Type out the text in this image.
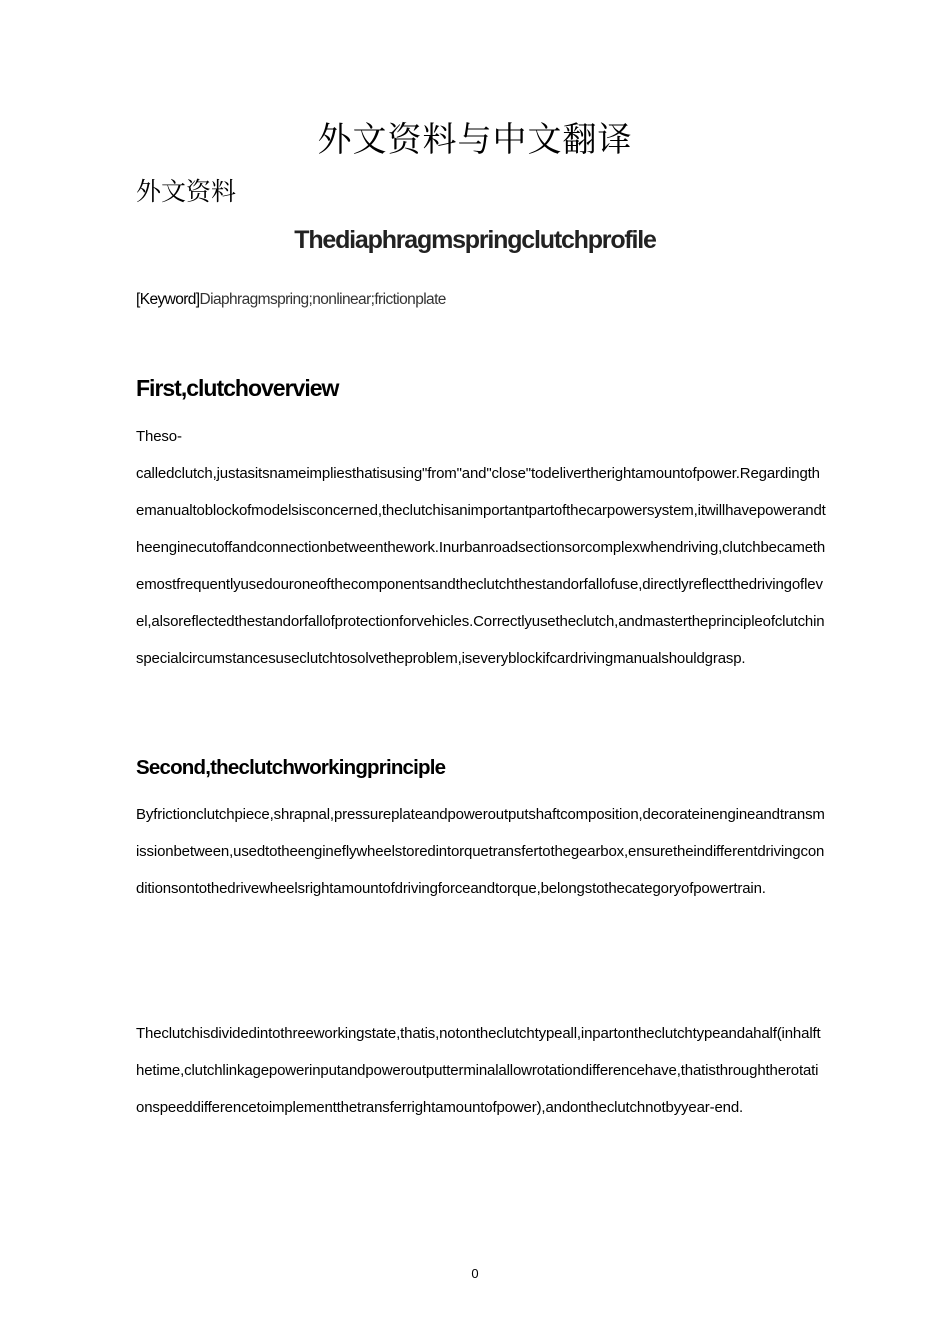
外文资料与中文翻译
外文资料
Thediaphragmspringclutchprofile
[Keyword]Diaphragmspring;nonlinear;frictionplate
First,clutchoverview
Theso-
calledclutch,justasitsnameimpliesthatisusing"from"and"close"todelivertherightamountofpower.Regardingthemanualtoblockofmodelsisconcerned,theclutchisanimportantpartofthecarpowersystem,itwillhavepowerandtheenginecutoffandconnectionbetweenthework.Inurbanroadsectionsorcomplexwhendriving,clutchbecamethemostfrequentlyusedouroneofthecomponentsandtheclutchthestandorfallofuse,directlyreflectthedrivingoflevel,alsoreflectedthestandorfallofprotectionforvehicles.Correctlyusetheclutch,andmastertheprincipleofclutchinspecialcircumstancesuseclutchtosolvetheproblem,iseveryblockifcardrivingmanualshouldgrasp.
Second,theclutchworkingprinciple
Byfrictionclutchpiece,shrapnal,pressureplateandpoweroutputshaftcomposition,decorateinengineandtransmissionbetween,usedtotheengineflywheelstoredintorquetransfertothegearbox,ensuretheindifferentdrivingconditionsontothedrivewheelsrightamountofdrivingforceandtorque,belongstothecategoryofpowertrain.
Theclutchisdividedintothreeworkingstate,thatis,notontheclutchtypeall,inpartontheclutchtypeandahalf(inhalfthetime,clutchlinkagepowerinputandpoweroutputterminalallowrotationdifferencehave,thatisthroughtherotationspeeddifferencetoimplementthetransferrightamountofpower),andontheclutchnotbyyear-end.
0
